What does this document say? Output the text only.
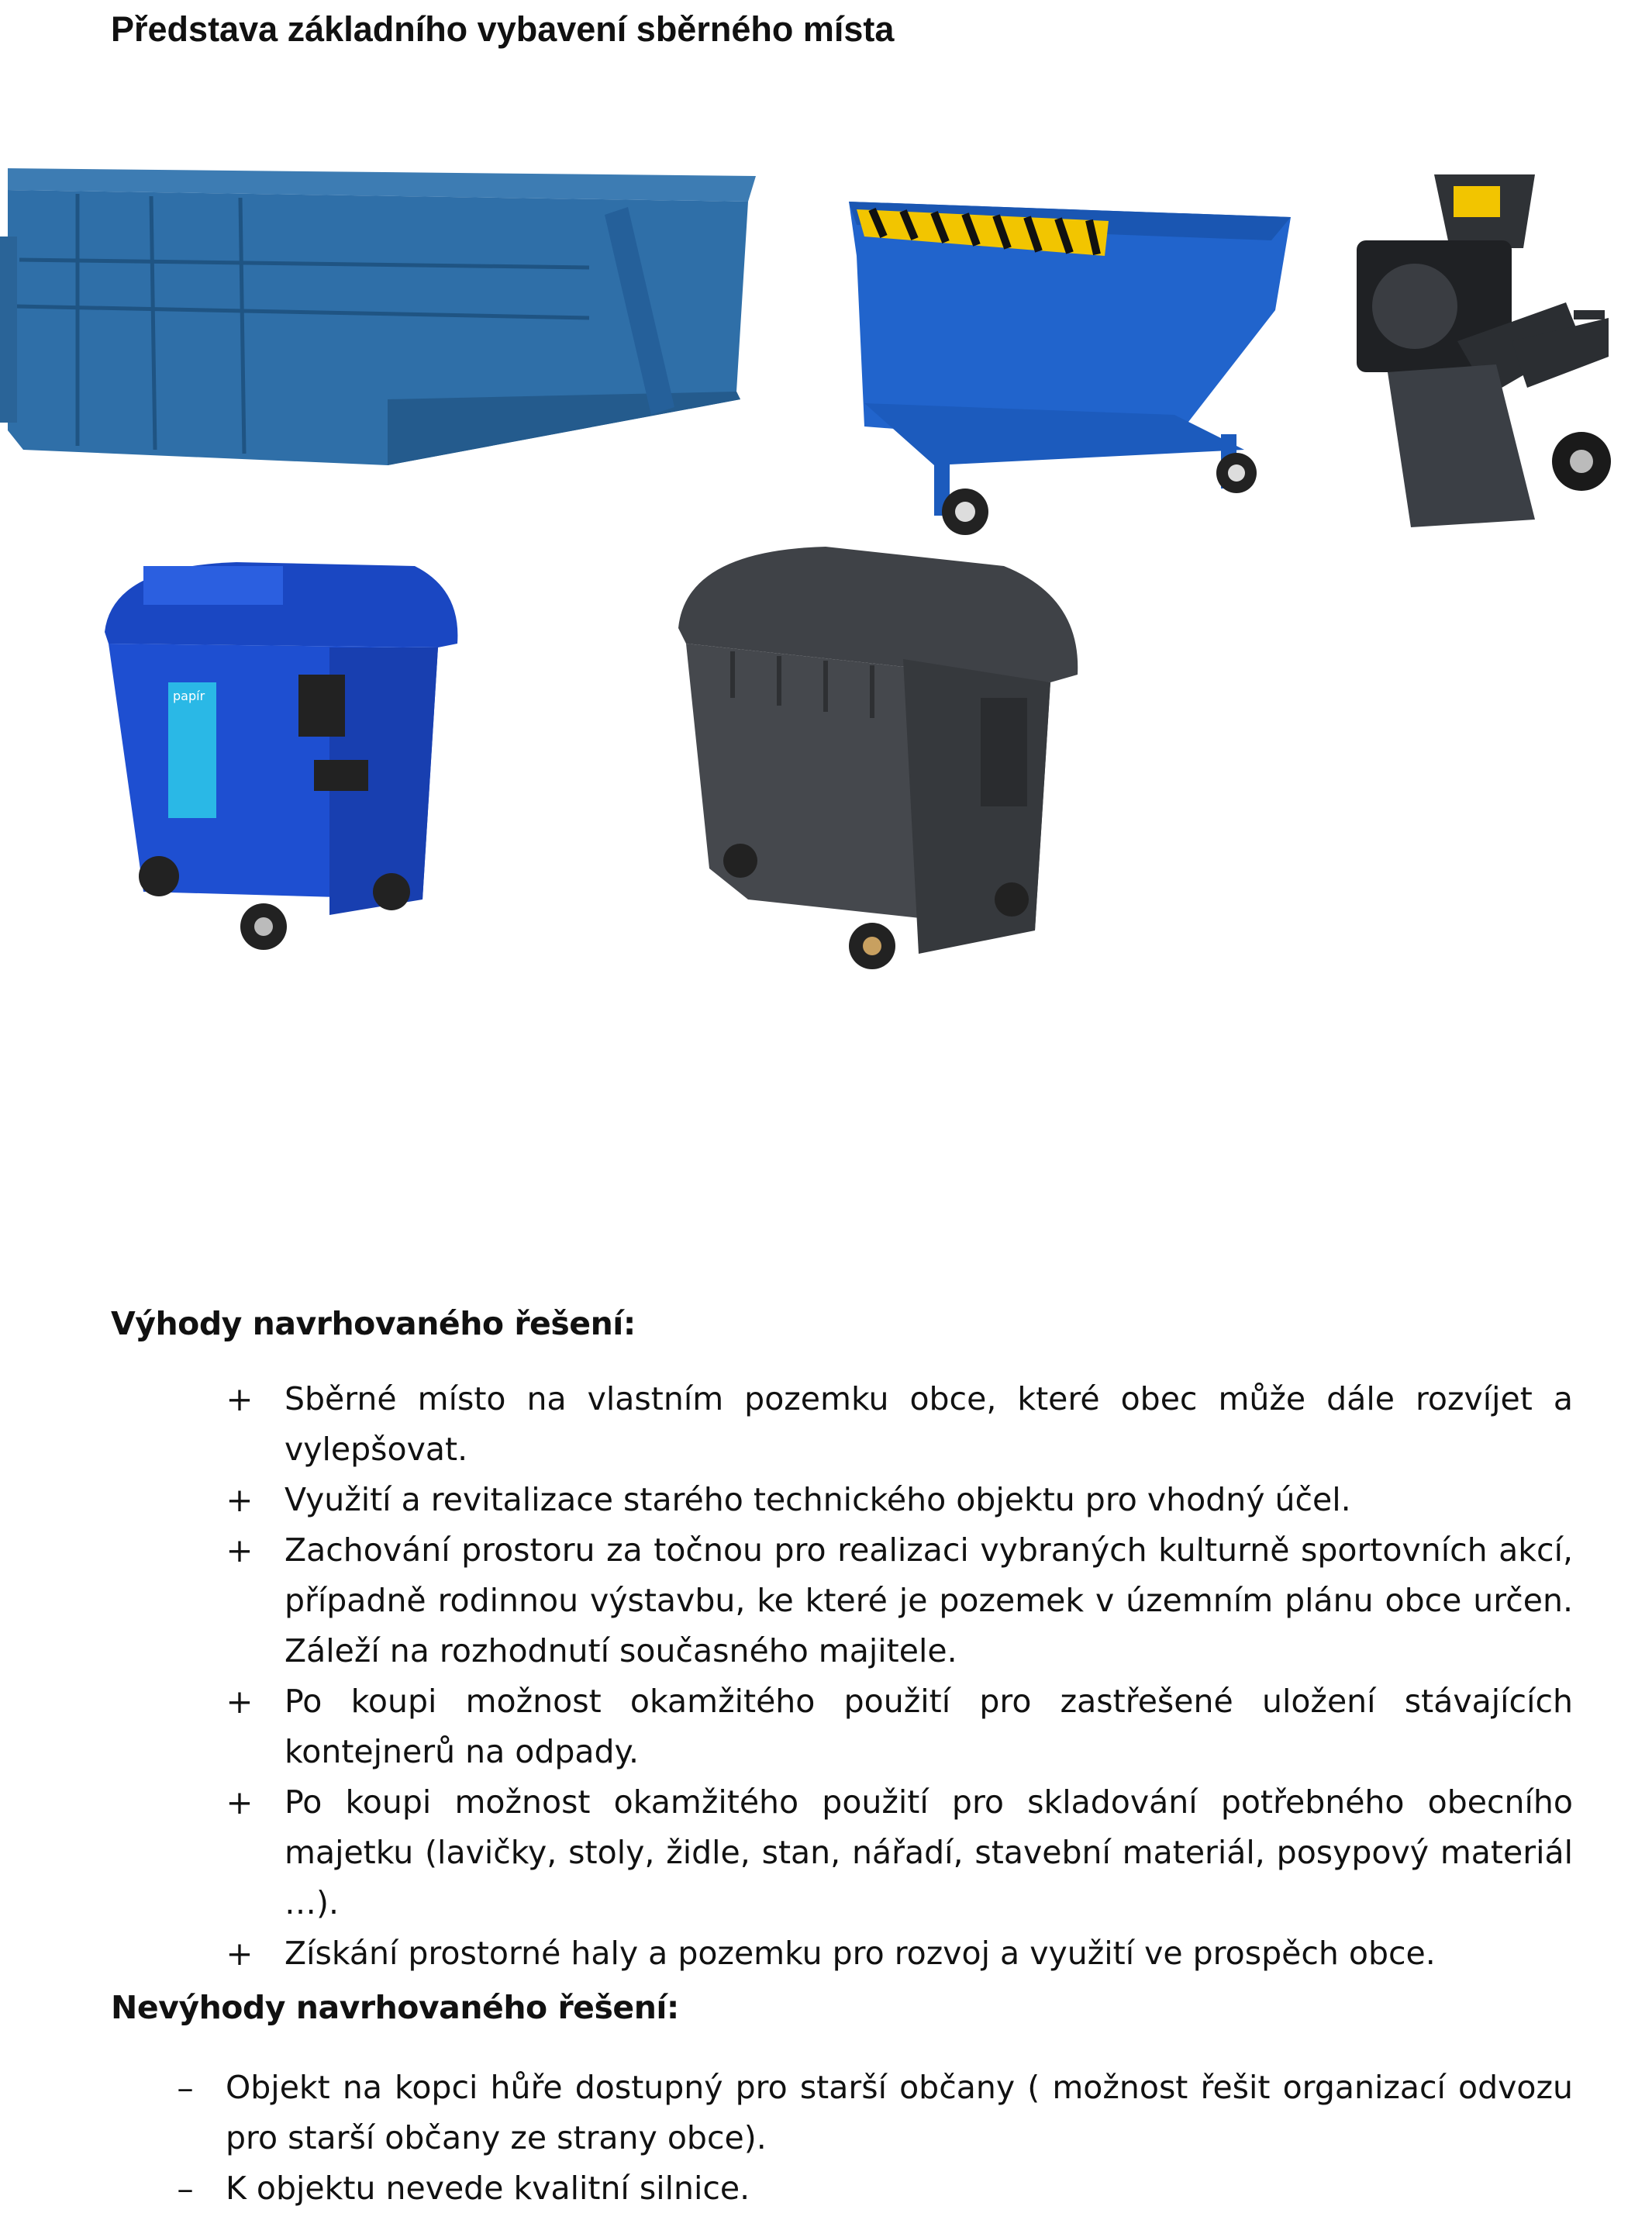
Představa základního vybavení sběrného místa
papír
Výhody navrhovaného řešení:
+ Sběrné místo na vlastním pozemku obce, které obec může dále rozvíjet a vylepšovat.
+ Využití a revitalizace starého technického objektu pro vhodný účel.
+ Zachování prostoru za točnou pro realizaci vybraných kulturně sportovních akcí, případně rodinnou výstavbu, ke které je pozemek v územním plánu obce určen. Záleží na rozhodnutí současného majitele.
+ Po koupi možnost okamžitého použití pro zastřešené uložení stávajících kontejnerů na odpady.
+ Po koupi možnost okamžitého použití pro skladování potřebného obecního majetku (lavičky, stoly, židle, stan, nářadí, stavební materiál, posypový materiál …).
+ Získání prostorné haly a pozemku pro rozvoj a využití ve prospěch obce.
Nevýhody navrhovaného řešení:
– Objekt na kopci hůře dostupný pro starší občany ( možnost řešit organizací odvozu pro starší občany ze strany obce).
– K objektu nevede kvalitní silnice.
